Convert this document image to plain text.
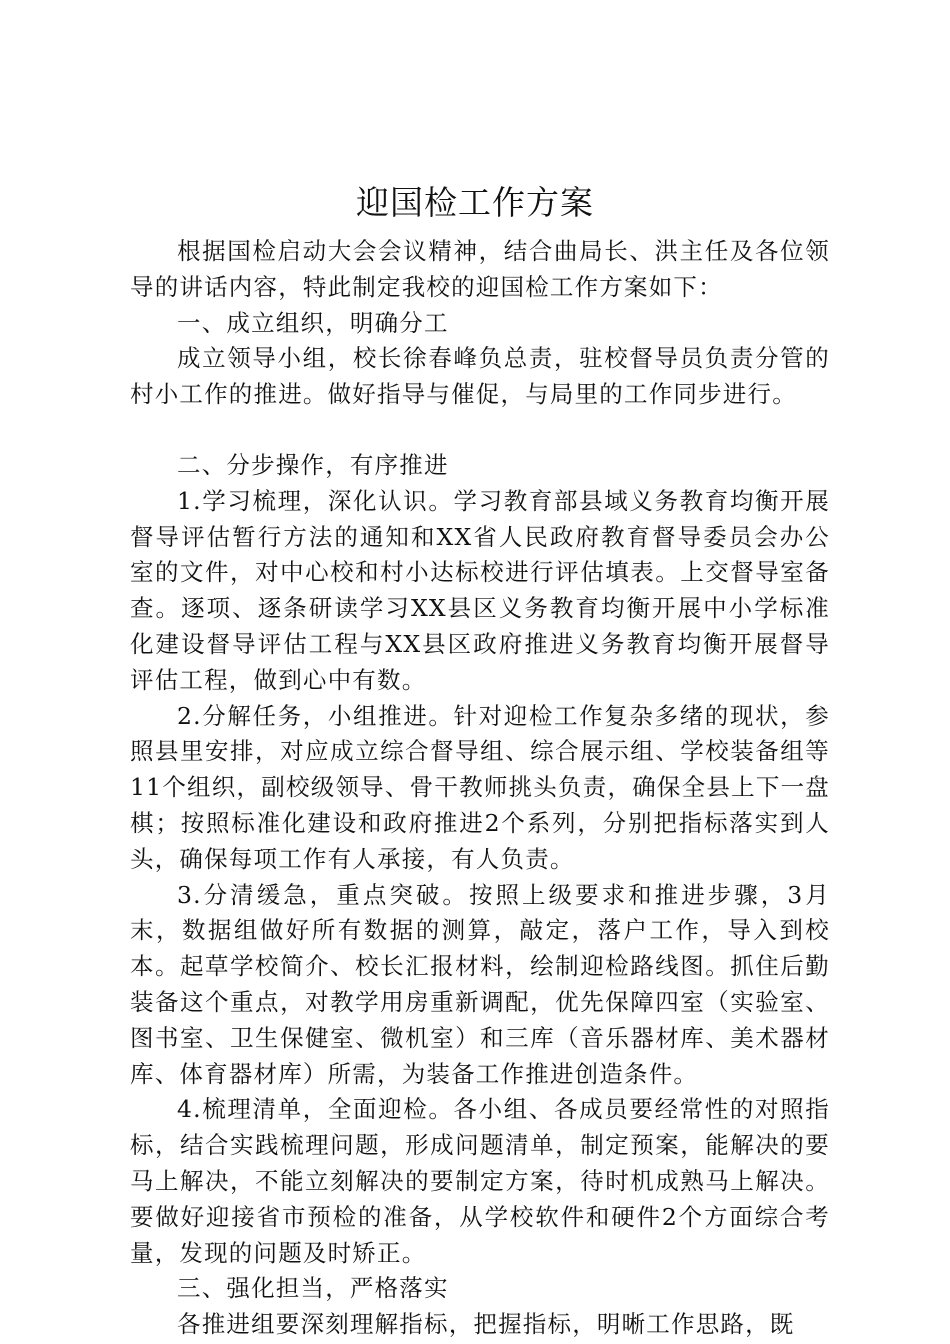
迎国检工作方案

根据国检启动大会会议精神，结合曲局长、洪主任及各位领导的讲话内容，特此制定我校的迎国检工作方案如下：

一、成立组织，明确分工

成立领导小组，校长徐春峰负总责，驻校督导员负责分管的村小工作的推进。做好指导与催促，与局里的工作同步进行。

二、分步操作，有序推进

1.学习梳理，深化认识。学习教育部县域义务教育均衡开展督导评估暂行方法的通知和XX省人民政府教育督导委员会办公室的文件，对中心校和村小达标校进行评估填表。上交督导室备查。逐项、逐条研读学习XX县区义务教育均衡开展中小学标准化建设督导评估工程与XX县区政府推进义务教育均衡开展督导评估工程，做到心中有数。

2.分解任务，小组推进。针对迎检工作复杂多绪的现状，参照县里安排，对应成立综合督导组、综合展示组、学校装备组等11个组织，副校级领导、骨干教师挑头负责，确保全县上下一盘棋；按照标准化建设和政府推进2个系列，分别把指标落实到人头，确保每项工作有人承接，有人负责。

3.分清缓急，重点突破。按照上级要求和推进步骤，3月末，数据组做好所有数据的测算，敲定，落户工作，导入到校本。起草学校简介、校长汇报材料，绘制迎检路线图。抓住后勤装备这个重点，对教学用房重新调配，优先保障四室（实验室、图书室、卫生保健室、微机室）和三库（音乐器材库、美术器材库、体育器材库）所需，为装备工作推进创造条件。

4.梳理清单，全面迎检。各小组、各成员要经常性的对照指标，结合实践梳理问题，形成问题清单，制定预案，能解决的要马上解决，不能立刻解决的要制定方案，待时机成熟马上解决。要做好迎接省市预检的准备，从学校软件和硬件2个方面综合考量，发现的问题及时矫正。

三、强化担当，严格落实

各推进组要深刻理解指标，把握指标，明晰工作思路，既
